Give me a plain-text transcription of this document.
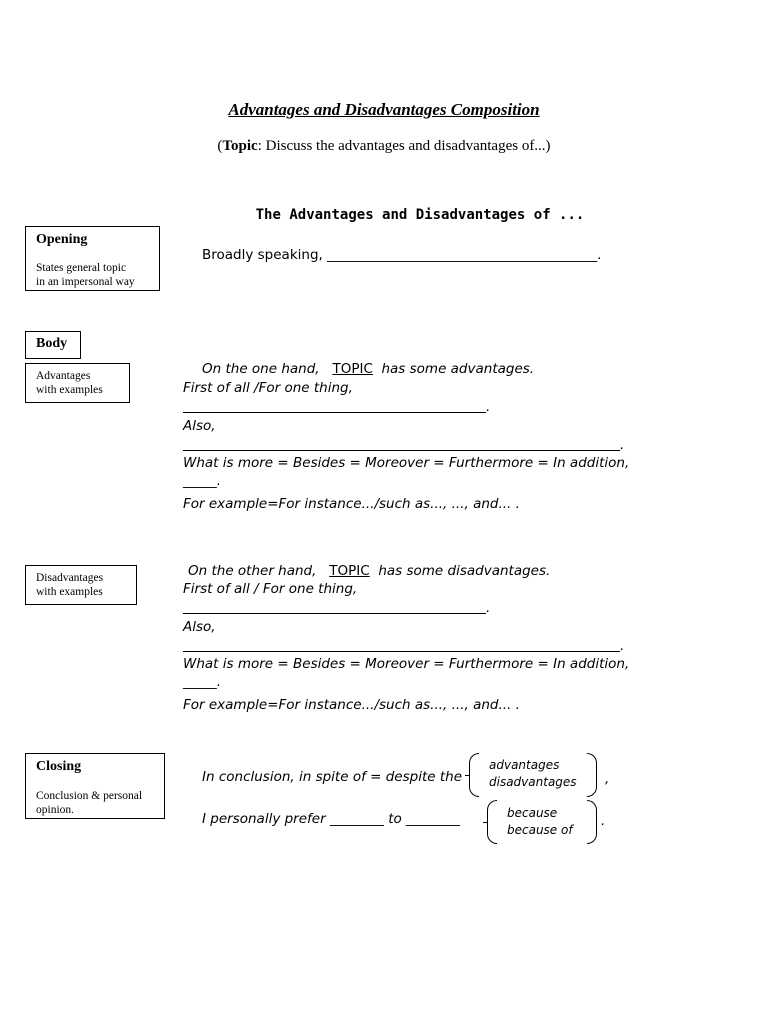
Advantages and Disadvantages Composition
(Topic: Discuss the advantages and disadvantages of...)
The Advantages and Disadvantages of ...
Opening
States general topic
in an impersonal way
Broadly speaking, ________________________________________.
Body
Advantages
with examples
On the one hand, TOPIC has some advantages.
First of all /For one thing,
.
Also,
.
What is more = Besides = Moreover = Furthermore = In addition,
_____.
For example=For instance.../such as..., ..., and... .
Disadvantages
with examples
On the other hand, TOPIC has some disadvantages.
First of all / For one thing,
.
Also,
.
What is more = Besides = Moreover = Furthermore = In addition,
_____.
For example=For instance.../such as..., ..., and... .
Closing
Conclusion & personal
opinion.
In conclusion, in spite of = despite the
advantages
disadvantages ,
I personally prefer ________ to ________	because
because of
.
